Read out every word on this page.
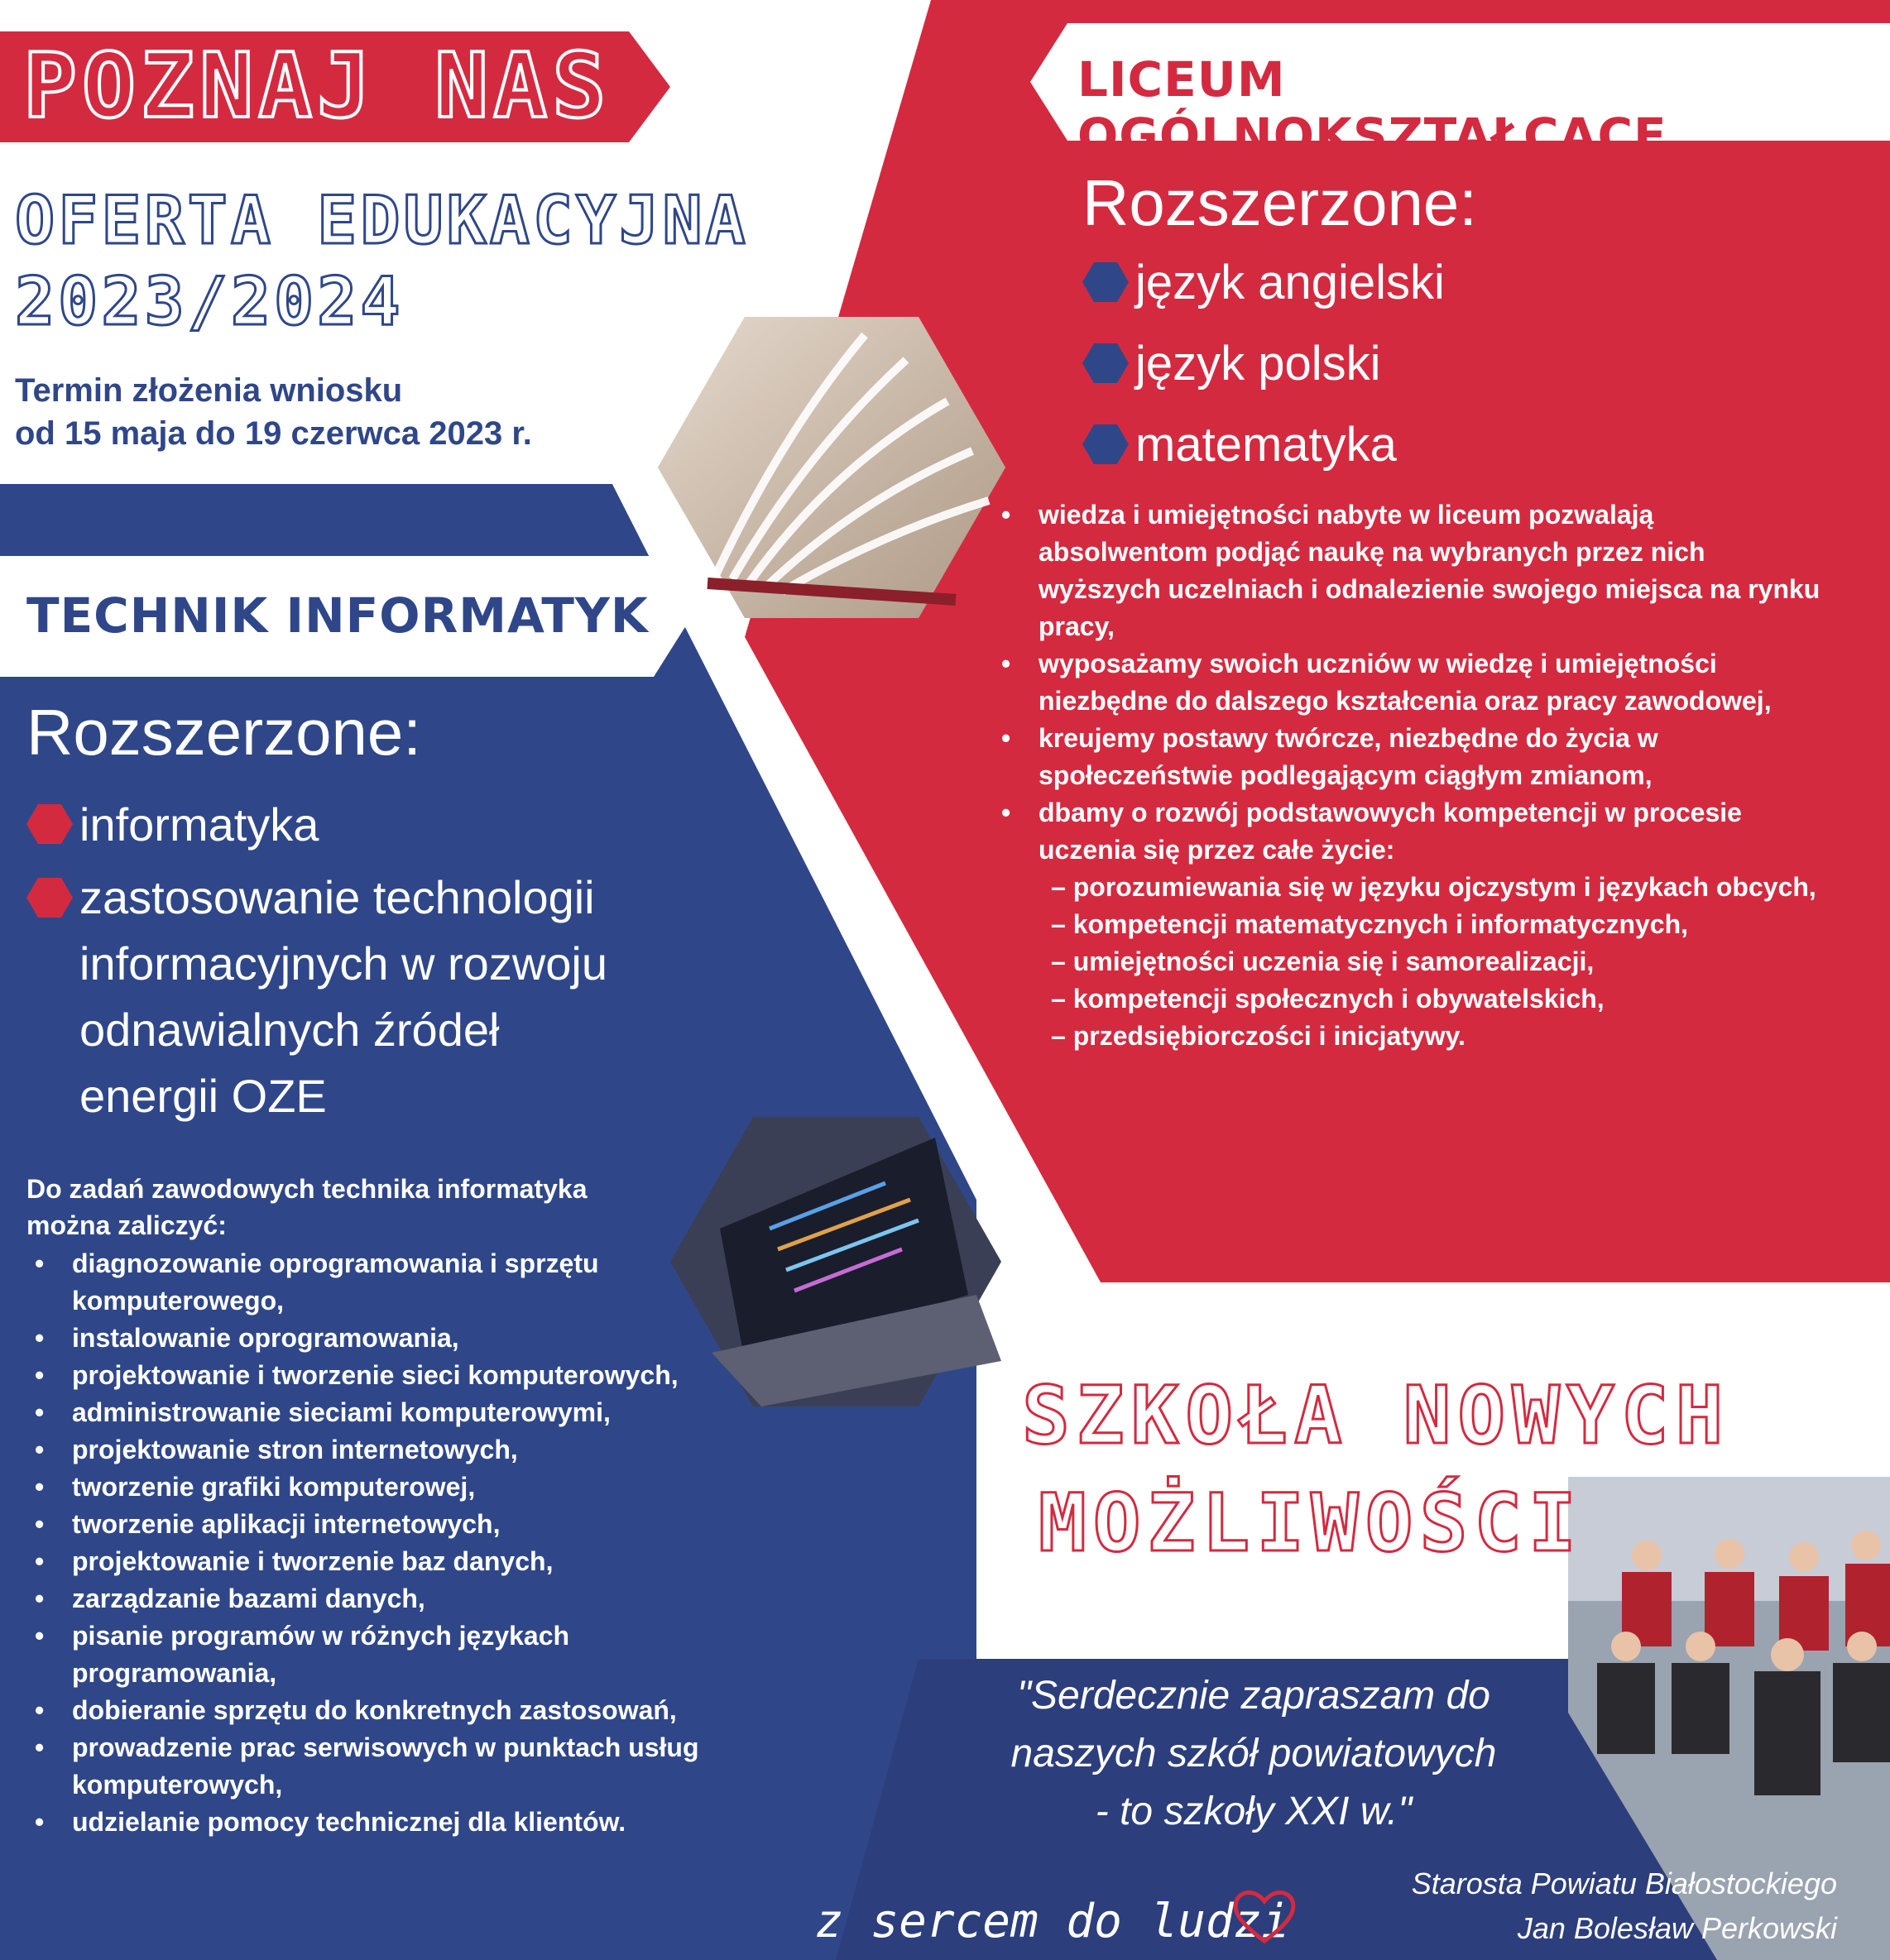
POZNAJ NAS
OFERTA EDUKACYJNA
2023/2024
Termin złożenia wniosku
od 15 maja do 19 czerwca 2023 r.
LICEUM OGÓLNOKSZTAŁCĄCE
Rozszerzone:
język angielski
język polski
matematyka
• wiedza i umiejętności nabyte w liceum pozwalają absolwentom podjąć naukę na wybranych przez nich wyższych uczelniach i odnalezienie swojego miejsca na rynku pracy,
• wyposażamy swoich uczniów w wiedzę i umiejętności niezbędne do dalszego kształcenia oraz pracy zawodowej,
• kreujemy postawy twórcze, niezbędne do życia w społeczeństwie podlegającym ciągłym zmianom,
• dbamy o rozwój podstawowych kompetencji w procesie uczenia się przez całe życie:
– porozumiewania się w języku ojczystym i językach obcych,
– kompetencji matematycznych i informatycznych,
– umiejętności uczenia się i samorealizacji,
– kompetencji społecznych i obywatelskich,
– przedsiębiorczości i inicjatywy.
TECHNIK INFORMATYK
Rozszerzone:
informatyka
zastosowanie technologii
informacyjnych w rozwoju
odnawialnych źródeł
energii OZE
Do zadań zawodowych technika informatyka
można zaliczyć:
• diagnozowanie oprogramowania i sprzętu komputerowego,
• instalowanie oprogramowania,
• projektowanie i tworzenie sieci komputerowych,
• administrowanie sieciami komputerowymi,
• projektowanie stron internetowych,
• tworzenie grafiki komputerowej,
• tworzenie aplikacji internetowych,
• projektowanie i tworzenie baz danych,
• zarządzanie bazami danych,
• pisanie programów w różnych językach programowania,
• dobieranie sprzętu do konkretnych zastosowań,
• prowadzenie prac serwisowych w punktach usług komputerowych,
• udzielanie pomocy technicznej dla klientów.
SZKOŁA NOWYCH
MOŻLIWOŚCI
"Serdecznie zapraszam do
naszych szkół powiatowych
- to szkoły XXI w."
Starosta Powiatu Białostockiego
Jan Bolesław Perkowski
z sercem do ludzi
